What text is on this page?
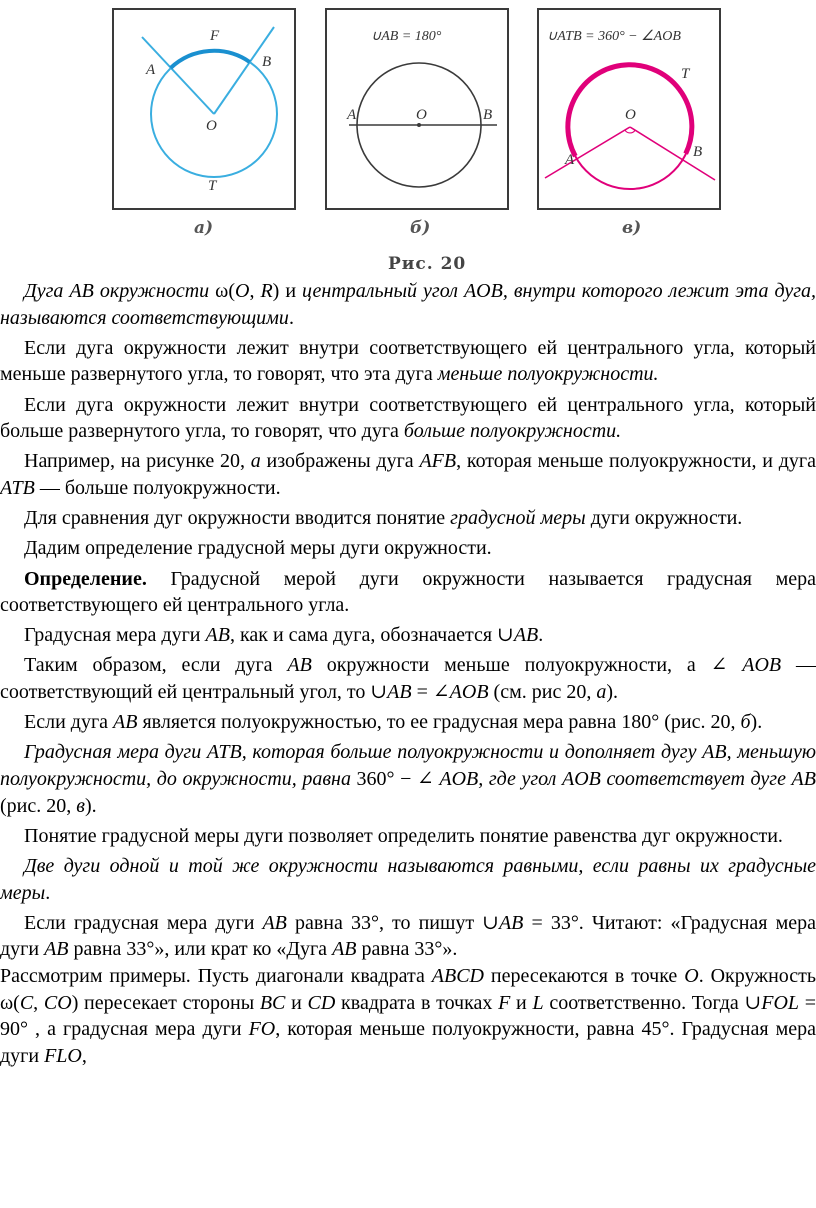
A
F
B
O
T
а)
∪AB = 180°
A	O	B
б)
∪ATB = 360° − ∠AOB
T
O
A	B
в)
Рис. 20

Дуга AB окружности ω(O, R) и центральный угол AOB, внутри которого лежит эта дуга, называются соответствующими.

Если дуга окружности лежит внутри соответствующего ей центрального угла, который меньше развернутого угла, то говорят, что эта дуга меньше полуокружности.

Если дуга окружности лежит внутри соответствующего ей центрального угла, который больше развернутого угла, то говорят, что дуга больше полуокружности.

Например, на рисунке 20, а изображены дуга AFB, которая меньше полуокружности, и дуга ATB — больше полуокружности.

Для сравнения дуг окружности вводится понятие градусной меры дуги окружности.

Дадим определение градусной меры дуги окружности.

Определение. Градусной мерой дуги окружности называется градусная мера соответствующего ей центрального угла.

Градусная мера дуги AB, как и сама дуга, обозначается ∪AB.

Таким образом, если дуга AB окружности меньше полуокружности, а ∠ AOB — соответствующий ей центральный угол, то ∪AB = ∠AOB (см. рис 20, а).

Если дуга AB является полуокружностью, то ее градусная мера равна 180° (рис. 20, б).

Градусная мера дуги ATB, которая больше полуокружности и дополняет дугу AB, меньшую полуокружности, до окружности, равна 360° − ∠ AOB, где угол AOB соответствует дуге AB (рис. 20, в).

Понятие градусной меры дуги позволяет определить понятие равенства дуг окружности.

Две дуги одной и той же окружности называются равными, если равны их градусные меры.

Если градусная мера дуги AB равна 33°, то пишут ∪AB = 33°. Читают: «Градусная мера дуги AB равна 33°», или крат ко «Дуга AB равна 33°».

Рассмотрим примеры. Пусть диагонали квадрата ABCD пересекаются в точке O. Окружность ω(C, CO) пересекает стороны BC и CD квадрата в точках F и L соответственно. Тогда ∪FOL = 90° , а градусная мера дуги FO, которая меньше полуокружности, равна 45°. Градусная мера дуги FLO,
